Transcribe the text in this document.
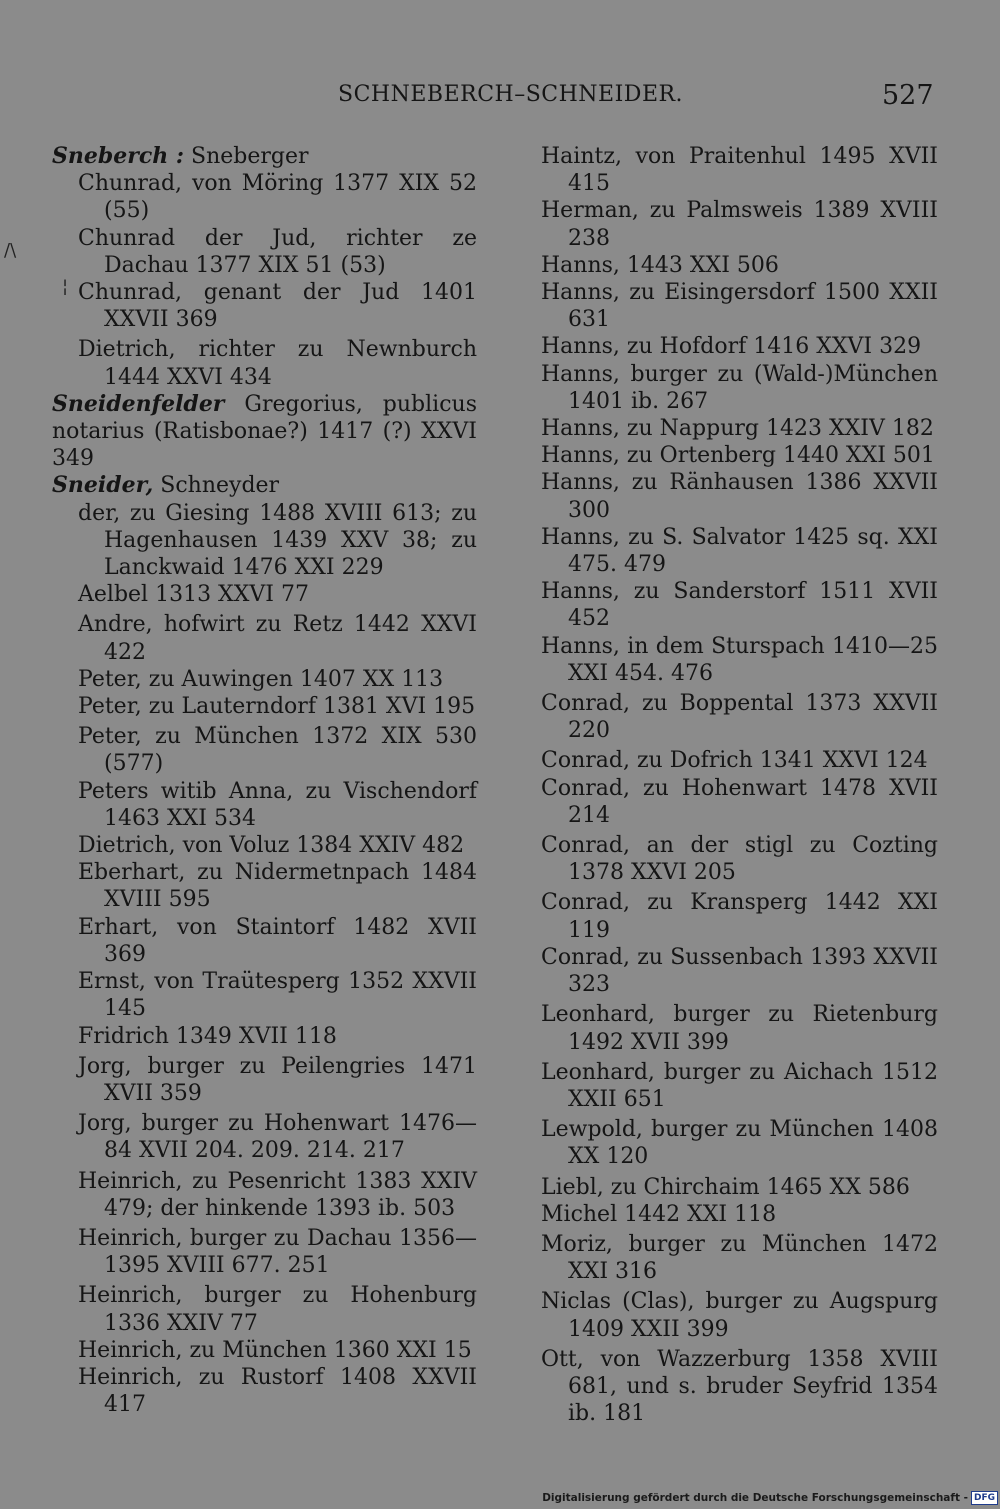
SCHNEBERCH–SCHNEIDER.	527
/\
¦
Sneberch : Sneberger
Chunrad, von Möring 1377 XIX 52 (55)
Chunrad der Jud, richter ze Dachau 1377 XIX 51 (53)
Chunrad, genant der Jud 1401 XXVII 369
Dietrich, richter zu Newnburch 1444 XXVI 434
Sneidenfelder Gregorius, publicus notarius (Ratisbonae?) 1417 (?) XXVI 349
Sneider, Schneyder
der, zu Giesing 1488 XVIII 613; zu Hagenhausen 1439 XXV 38; zu Lanckwaid 1476 XXI 229
Aelbel 1313 XXVI 77
Andre, hofwirt zu Retz 1442 XXVI 422
Peter, zu Auwingen 1407 XX 113
Peter, zu Lauterndorf 1381 XVI 195
Peter, zu München 1372 XIX 530 (577)
Peters witib Anna, zu Vischendorf 1463 XXI 534
Dietrich, von Voluz 1384 XXIV 482
Eberhart, zu Nidermetnpach 1484 XVIII 595
Erhart, von Staintorf 1482 XVII 369
Ernst, von Traütesperg 1352 XXVII 145
Fridrich 1349 XVII 118
Jorg, burger zu Peilengries 1471 XVII 359
Jorg, burger zu Hohenwart 1476—84 XVII 204. 209. 214. 217
Heinrich, zu Pesenricht 1383 XXIV 479; der hinkende 1393 ib. 503
Heinrich, burger zu Dachau 1356—1395 XVIII 677. 251
Heinrich, burger zu Hohenburg 1336 XXIV 77
Heinrich, zu München 1360 XXI 15
Heinrich, zu Rustorf 1408 XXVII 417
Haintz, von Praitenhul 1495 XVII 415
Herman, zu Palmsweis 1389 XVIII 238
Hanns, 1443 XXI 506
Hanns, zu Eisingersdorf 1500 XXII 631
Hanns, zu Hofdorf 1416 XXVI 329
Hanns, burger zu (Wald-)München 1401 ib. 267
Hanns, zu Nappurg 1423 XXIV 182
Hanns, zu Ortenberg 1440 XXI 501
Hanns, zu Ränhausen 1386 XXVII 300
Hanns, zu S. Salvator 1425 sq. XXI 475. 479
Hanns, zu Sanderstorf 1511 XVII 452
Hanns, in dem Sturspach 1410—25 XXI 454. 476
Conrad, zu Boppental 1373 XXVII 220
Conrad, zu Dofrich 1341 XXVI 124
Conrad, zu Hohenwart 1478 XVII 214
Conrad, an der stigl zu Cozting 1378 XXVI 205
Conrad, zu Kransperg 1442 XXI 119
Conrad, zu Sussenbach 1393 XXVII 323
Leonhard, burger zu Rietenburg 1492 XVII 399
Leonhard, burger zu Aichach 1512 XXII 651
Lewpold, burger zu München 1408 XX 120
Liebl, zu Chirchaim 1465 XX 586
Michel 1442 XXI 118
Moriz, burger zu München 1472 XXI 316
Niclas (Clas), burger zu Augspurg 1409 XXII 399
Ott, von Wazzerburg 1358 XVIII 681, und s. bruder Seyfrid 1354 ib. 181
Digitalisierung gefördert durch die Deutsche Forschungsgemeinschaft - DFG
